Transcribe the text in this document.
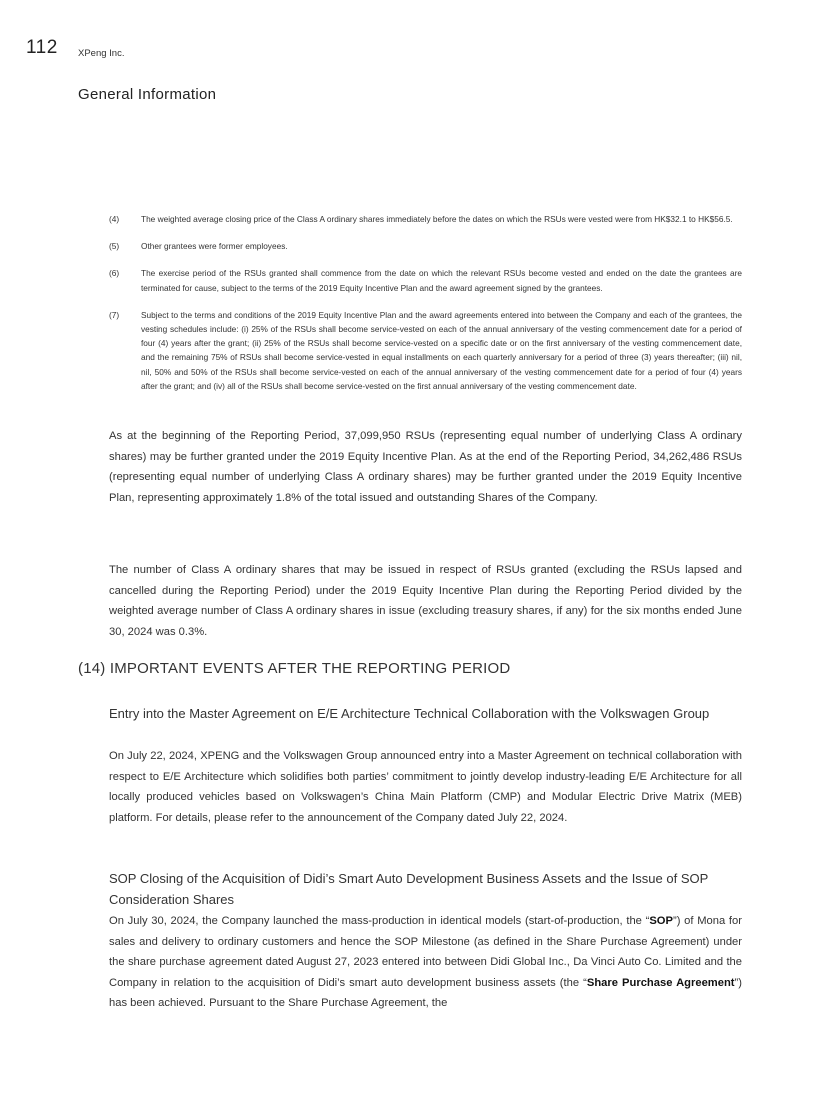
112 XPeng Inc.
General Information
(4)	The weighted average closing price of the Class A ordinary shares immediately before the dates on which the RSUs were vested were from HK$32.1 to HK$56.5.
(5)	Other grantees were former employees.
(6)	The exercise period of the RSUs granted shall commence from the date on which the relevant RSUs become vested and ended on the date the grantees are terminated for cause, subject to the terms of the 2019 Equity Incentive Plan and the award agreement signed by the grantees.
(7)	Subject to the terms and conditions of the 2019 Equity Incentive Plan and the award agreements entered into between the Company and each of the grantees, the vesting schedules include: (i) 25% of the RSUs shall become service-vested on each of the annual anniversary of the vesting commencement date for a period of four (4) years after the grant; (ii) 25% of the RSUs shall become service-vested on a specific date or on the first anniversary of the vesting commencement date, and the remaining 75% of RSUs shall become service-vested in equal installments on each quarterly anniversary for a period of three (3) years thereafter; (iii) nil, nil, 50% and 50% of the RSUs shall become service-vested on each of the annual anniversary of the vesting commencement date for a period of four (4) years after the grant; and (iv) all of the RSUs shall become service-vested on the first annual anniversary of the vesting commencement date.

As at the beginning of the Reporting Period, 37,099,950 RSUs (representing equal number of underlying Class A ordinary shares) may be further granted under the 2019 Equity Incentive Plan. As at the end of the Reporting Period, 34,262,486 RSUs (representing equal number of underlying Class A ordinary shares) may be further granted under the 2019 Equity Incentive Plan, representing approximately 1.8% of the total issued and outstanding Shares of the Company.

The number of Class A ordinary shares that may be issued in respect of RSUs granted (excluding the RSUs lapsed and cancelled during the Reporting Period) under the 2019 Equity Incentive Plan during the Reporting Period divided by the weighted average number of Class A ordinary shares in issue (excluding treasury shares, if any) for the six months ended June 30, 2024 was 0.3%.

(14) IMPORTANT EVENTS AFTER THE REPORTING PERIOD
Entry into the Master Agreement on E/E Architecture Technical Collaboration with the Volkswagen Group

On July 22, 2024, XPENG and the Volkswagen Group announced entry into a Master Agreement on technical collaboration with respect to E/E Architecture which solidifies both parties’ commitment to jointly develop industry-leading E/E Architecture for all locally produced vehicles based on Volkswagen’s China Main Platform (CMP) and Modular Electric Drive Matrix (MEB) platform. For details, please refer to the announcement of the Company dated July 22, 2024.

SOP Closing of the Acquisition of Didi’s Smart Auto Development Business Assets and the Issue of SOP Consideration Shares

On July 30, 2024, the Company launched the mass-production in identical models (start-of-production, the “SOP”) of Mona for sales and delivery to ordinary customers and hence the SOP Milestone (as defined in the Share Purchase Agreement) under the share purchase agreement dated August 27, 2023 entered into between Didi Global Inc., Da Vinci Auto Co. Limited and the Company in relation to the acquisition of Didi’s smart auto development business assets (the “Share Purchase Agreement”) has been achieved. Pursuant to the Share Purchase Agreement, the
